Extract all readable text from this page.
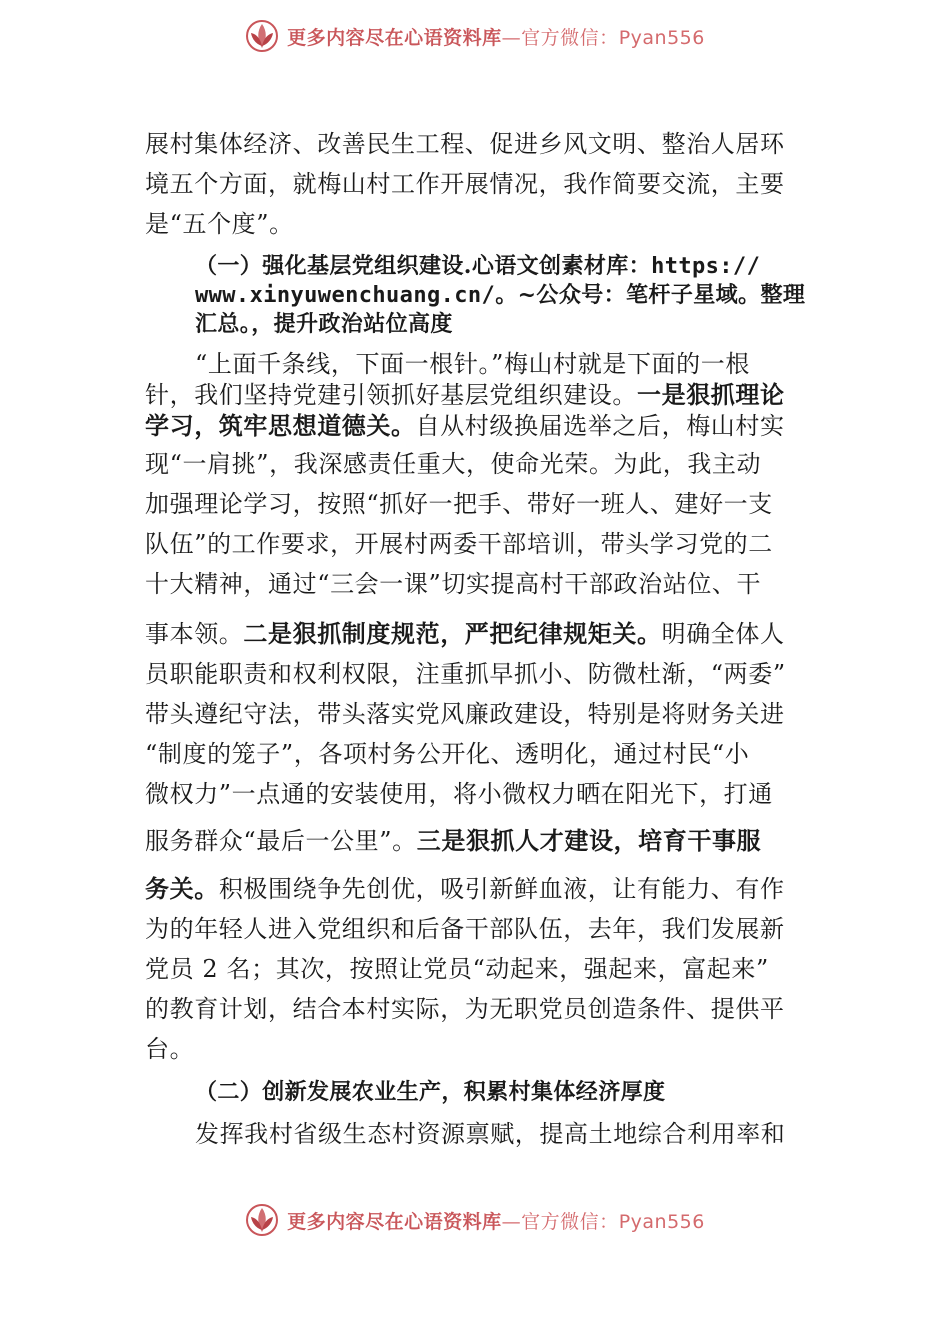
更多内容尽在心语资料库—官方微信：Pyan556
展村集体经济、改善民生工程、促进乡风文明、整治人居环
境五个方面，就梅山村工作开展情况，我作简要交流，主要
是“五个度”。
（一）强化基层党组织建设.心语文创素材库：https://
www.xinyuwenchuang.cn/。~公众号：笔杆子星域。整理
汇总。，提升政治站位高度
“上面千条线，下面一根针。”梅山村就是下面的一根
针，我们坚持党建引领抓好基层党组织建设。一是狠抓理论
学习，筑牢思想道德关。自从村级换届选举之后，梅山村实
现“一肩挑”，我深感责任重大，使命光荣。为此，我主动
加强理论学习，按照“抓好一把手、带好一班人、建好一支
队伍”的工作要求，开展村两委干部培训，带头学习党的二
十大精神，通过“三会一课”切实提高村干部政治站位、干
事本领。二是狠抓制度规范，严把纪律规矩关。明确全体人
员职能职责和权利权限，注重抓早抓小、防微杜渐，“两委”
带头遵纪守法，带头落实党风廉政建设，特别是将财务关进
“制度的笼子”，各项村务公开化、透明化，通过村民“小
微权力”一点通的安装使用，将小微权力晒在阳光下，打通
服务群众“最后一公里”。三是狠抓人才建设，培育干事服
务关。积极围绕争先创优，吸引新鲜血液，让有能力、有作
为的年轻人进入党组织和后备干部队伍，去年，我们发展新
党员 2 名；其次，按照让党员“动起来，强起来，富起来”
的教育计划，结合本村实际，为无职党员创造条件、提供平
台。
（二）创新发展农业生产，积累村集体经济厚度
发挥我村省级生态村资源禀赋，提高土地综合利用率和
更多内容尽在心语资料库—官方微信：Pyan556
